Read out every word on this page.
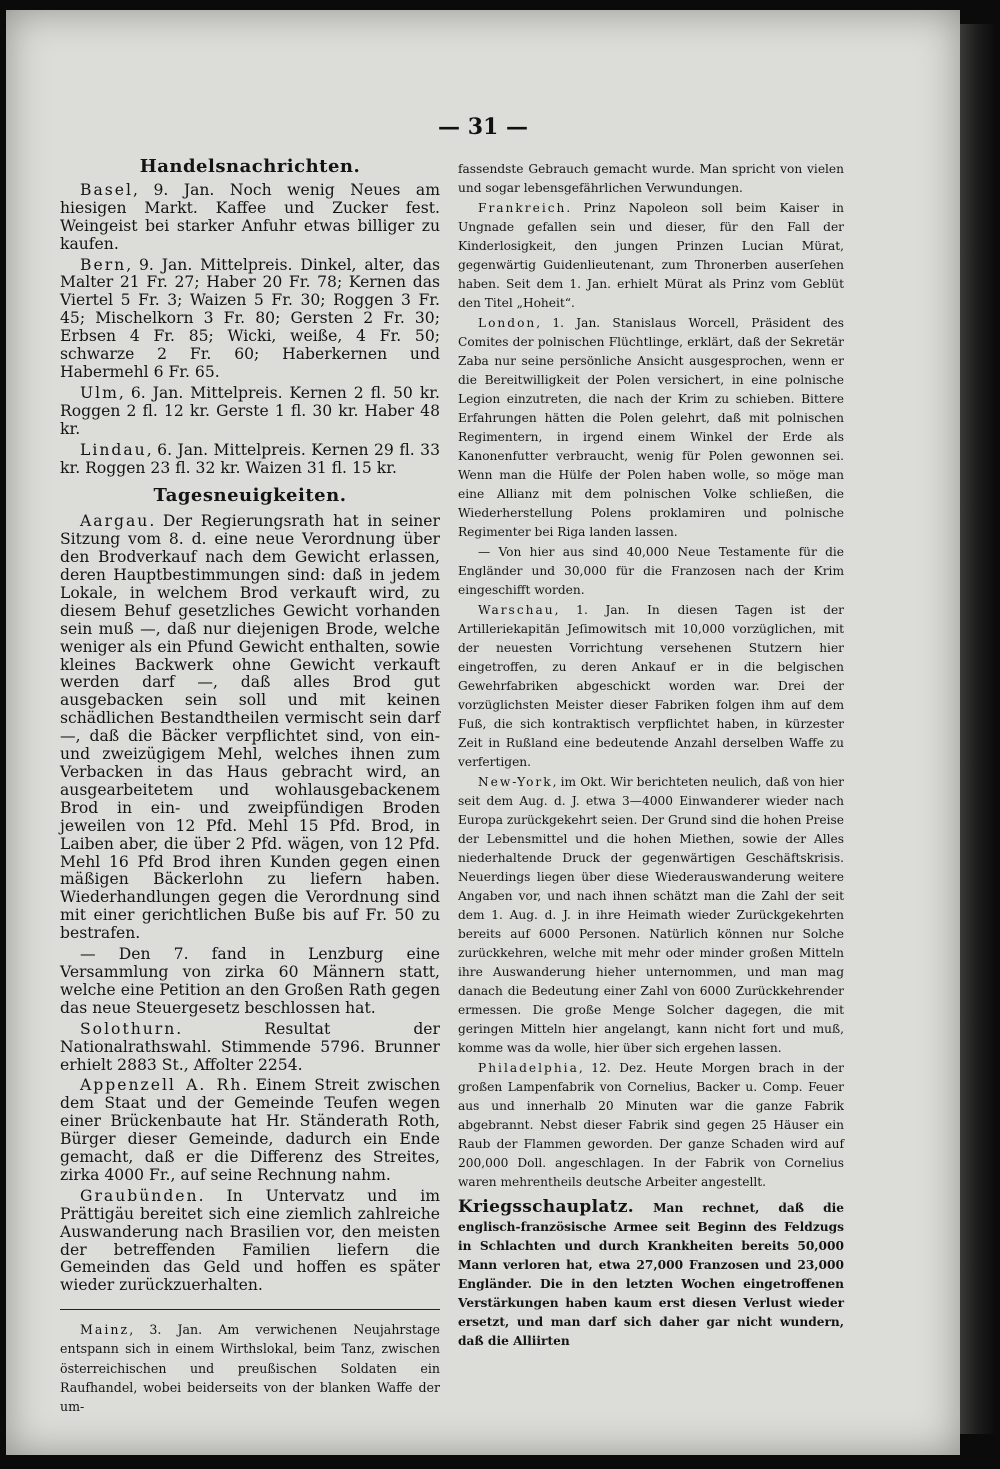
— 31 —
Handelsnachrichten.

Basel, 9. Jan. Noch wenig Neues am hiesigen Markt. Kaffee und Zucker fest. Weingeist bei starker Anfuhr etwas billiger zu kaufen.

Bern, 9. Jan. Mittelpreis. Dinkel, alter, das Malter 21 Fr. 27; Haber 20 Fr. 78; Kernen das Viertel 5 Fr. 3; Waizen 5 Fr. 30; Roggen 3 Fr. 45; Mischelkorn 3 Fr. 80; Gersten 2 Fr. 30; Erbsen 4 Fr. 85; Wicki, weiße, 4 Fr. 50; schwarze 2 Fr. 60; Haberkernen und Habermehl 6 Fr. 65.

Ulm, 6. Jan. Mittelpreis. Kernen 2 fl. 50 kr. Roggen 2 fl. 12 kr. Gerste 1 fl. 30 kr. Haber 48 kr.

Lindau, 6. Jan. Mittelpreis. Kernen 29 fl. 33 kr. Roggen 23 fl. 32 kr. Waizen 31 fl. 15 kr.

Tagesneuigkeiten.

Aargau. Der Regierungsrath hat in seiner Sitzung vom 8. d. eine neue Verordnung über den Brodverkauf nach dem Gewicht erlassen, deren Hauptbestimmungen sind: daß in jedem Lokale, in welchem Brod verkauft wird, zu diesem Behuf gesetzliches Gewicht vorhanden sein muß —, daß nur diejenigen Brode, welche weniger als ein Pfund Gewicht enthalten, sowie kleines Backwerk ohne Gewicht verkauft werden darf —, daß alles Brod gut ausgebacken sein soll und mit keinen schädlichen Bestandtheilen vermischt sein darf —, daß die Bäcker verpflichtet sind, von ein- und zweizügigem Mehl, welches ihnen zum Verbacken in das Haus gebracht wird, an ausgearbeitetem und wohlausgebackenem Brod in ein- und zweipfündigen Broden jeweilen von 12 Pfd. Mehl 15 Pfd. Brod, in Laiben aber, die über 2 Pfd. wägen, von 12 Pfd. Mehl 16 Pfd Brod ihren Kunden gegen einen mäßigen Bäckerlohn zu liefern haben. Wiederhandlungen gegen die Verordnung sind mit einer gerichtlichen Buße bis auf Fr. 50 zu bestrafen.

— Den 7. fand in Lenzburg eine Versammlung von zirka 60 Männern statt, welche eine Petition an den Großen Rath gegen das neue Steuergesetz beschlossen hat.

Solothurn. Resultat der Nationalrathswahl. Stimmende 5796. Brunner erhielt 2883 St., Affolter 2254.

Appenzell A. Rh. Einem Streit zwischen dem Staat und der Gemeinde Teufen wegen einer Brückenbaute hat Hr. Ständerath Roth, Bürger dieser Gemeinde, dadurch ein Ende gemacht, daß er die Differenz des Streites, zirka 4000 Fr., auf seine Rechnung nahm.

Graubünden. In Untervatz und im Prättigäu bereitet sich eine ziemlich zahlreiche Auswanderung nach Brasilien vor, den meisten der betreffenden Familien liefern die Gemeinden das Geld und hoffen es später wieder zurückzuerhalten.

Mainz, 3. Jan. Am verwichenen Neujahrstage entspann sich in einem Wirthslokal, beim Tanz, zwischen österreichischen und preußischen Soldaten ein Raufhandel, wobei beiderseits von der blanken Waffe der um-

fassendste Gebrauch gemacht wurde. Man spricht von vielen und sogar lebensgefährlichen Verwundungen.

Frankreich. Prinz Napoleon soll beim Kaiser in Ungnade gefallen sein und dieser, für den Fall der Kinderlosigkeit, den jungen Prinzen Lucian Mürat, gegenwärtig Guidenlieutenant, zum Thronerben auserſehen haben. Seit dem 1. Jan. erhielt Mürat als Prinz vom Geblüt den Titel „Hoheit“.

London, 1. Jan. Stanislaus Worcell, Präsident des Comites der polnischen Flüchtlinge, erklärt, daß der Sekretär Zaba nur seine persönliche Ansicht ausgesprochen, wenn er die Bereitwilligkeit der Polen versichert, in eine polnische Legion einzutreten, die nach der Krim zu schieben. Bittere Erfahrungen hätten die Polen gelehrt, daß mit polnischen Regimentern, in irgend einem Winkel der Erde als Kanonenfutter verbraucht, wenig für Polen gewonnen sei. Wenn man die Hülfe der Polen haben wolle, so möge man eine Allianz mit dem polnischen Volke schließen, die Wiederherstellung Polens proklamiren und polnische Regimenter bei Riga landen lassen.

— Von hier aus sind 40,000 Neue Testamente für die Engländer und 30,000 für die Franzosen nach der Krim eingeschifft worden.

Warschau, 1. Jan. In diesen Tagen ist der Artilleriekapitän Jeſimowitsch mit 10,000 vorzüglichen, mit der neuesten Vorrichtung versehenen Stutzern hier eingetroffen, zu deren Ankauf er in die belgischen Gewehrfabriken abgeschickt worden war. Drei der vorzüglichsten Meister dieser Fabriken folgen ihm auf dem Fuß, die sich kontraktisch verpflichtet haben, in kürzester Zeit in Rußland eine bedeutende Anzahl derselben Waffe zu verfertigen.

New-York, im Okt. Wir berichteten neulich, daß von hier seit dem Aug. d. J. etwa 3—4000 Einwanderer wieder nach Europa zurückgekehrt seien. Der Grund sind die hohen Preise der Lebensmittel und die hohen Miethen, sowie der Alles niederhaltende Druck der gegenwärtigen Geschäftskrisis. Neuerdings liegen über diese Wiederauswanderung weitere Angaben vor, und nach ihnen schätzt man die Zahl der seit dem 1. Aug. d. J. in ihre Heimath wieder Zurückgekehrten bereits auf 6000 Personen. Natürlich können nur Solche zurückkehren, welche mit mehr oder minder großen Mitteln ihre Auswanderung hieher unternommen, und man mag danach die Bedeutung einer Zahl von 6000 Zurückkehrender ermessen. Die große Menge Solcher dagegen, die mit geringen Mitteln hier angelangt, kann nicht fort und muß, komme was da wolle, hier über sich ergehen lassen.

Philadelphia, 12. Dez. Heute Morgen brach in der großen Lampenfabrik von Cornelius, Backer u. Comp. Feuer aus und innerhalb 20 Minuten war die ganze Fabrik abgebrannt. Nebst dieser Fabrik sind gegen 25 Häuser ein Raub der Flammen geworden. Der ganze Schaden wird auf 200,000 Doll. angeschlagen. In der Fabrik von Cornelius waren mehrentheils deutsche Arbeiter angestellt.

Kriegsschauplatz. Man rechnet, daß die englisch-französische Armee seit Beginn des Feldzugs in Schlachten und durch Krankheiten bereits 50,000 Mann verloren hat, etwa 27,000 Franzosen und 23,000 Engländer. Die in den letzten Wochen eingetroffenen Verstärkungen haben kaum erst diesen Verlust wieder ersetzt, und man darf sich daher gar nicht wundern, daß die Alliirten
